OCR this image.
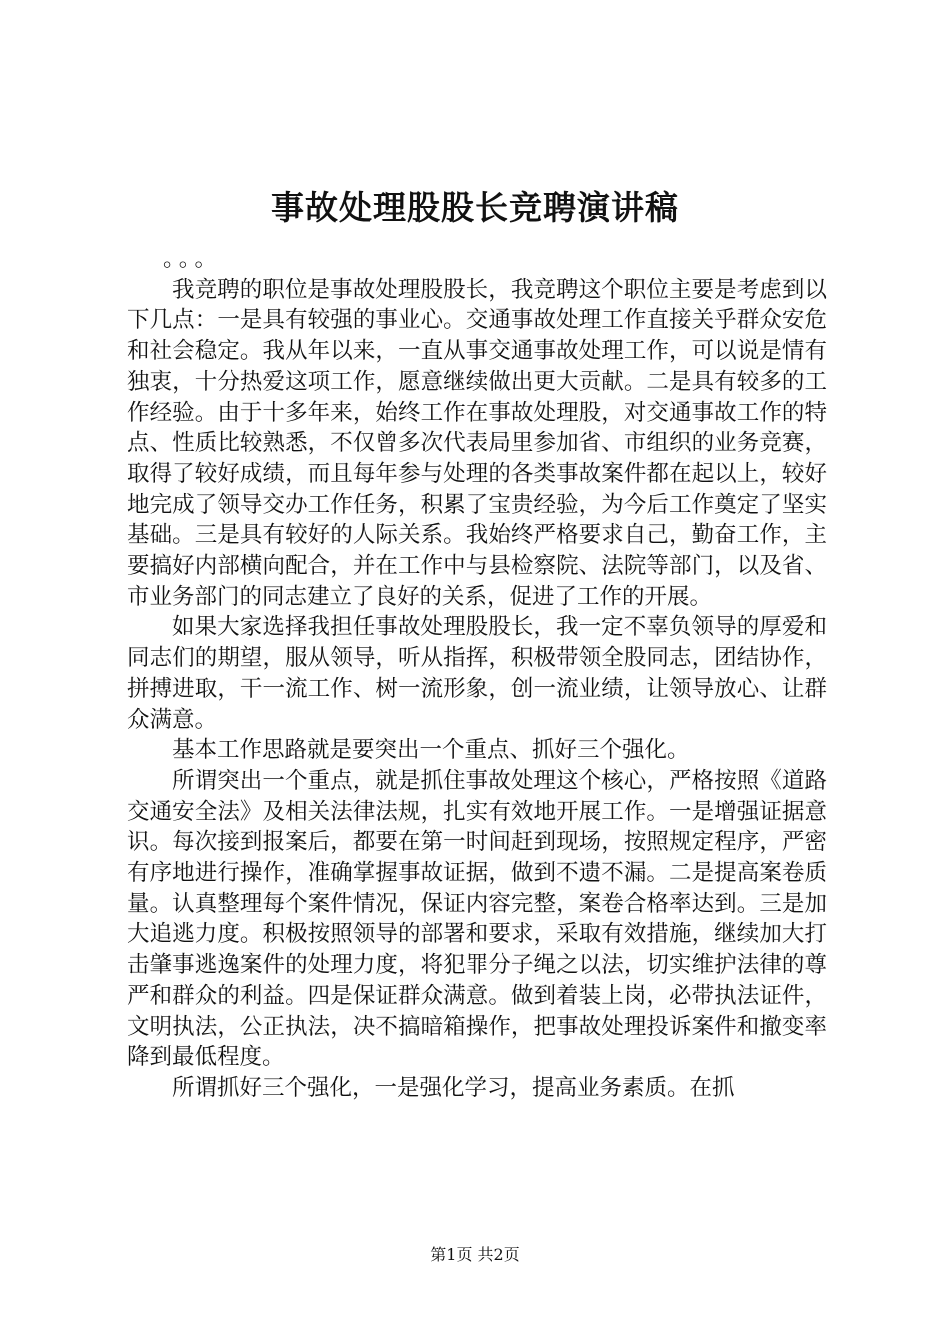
事故处理股股长竞聘演讲稿

。。。

我竞聘的职位是事故处理股股长，我竞聘这个职位主要是考虑到以下几点：一是具有较强的事业心。交通事故处理工作直接关乎群众安危和社会稳定。我从年以来，一直从事交通事故处理工作，可以说是情有独衷，十分热爱这项工作，愿意继续做出更大贡献。二是具有较多的工作经验。由于十多年来，始终工作在事故处理股，对交通事故工作的特点、性质比较熟悉，不仅曾多次代表局里参加省、市组织的业务竞赛，取得了较好成绩，而且每年参与处理的各类事故案件都在起以上，较好地完成了领导交办工作任务，积累了宝贵经验，为今后工作奠定了坚实基础。三是具有较好的人际关系。我始终严格要求自己，勤奋工作，主要搞好内部横向配合，并在工作中与县检察院、法院等部门，以及省、市业务部门的同志建立了良好的关系，促进了工作的开展。

如果大家选择我担任事故处理股股长，我一定不辜负领导的厚爱和同志们的期望，服从领导，听从指挥，积极带领全股同志，团结协作，拼搏进取，干一流工作、树一流形象，创一流业绩，让领导放心、让群众满意。

基本工作思路就是要突出一个重点、抓好三个强化。

所谓突出一个重点，就是抓住事故处理这个核心，严格按照《道路交通安全法》及相关法律法规，扎实有效地开展工作。一是增强证据意识。每次接到报案后，都要在第一时间赶到现场，按照规定程序，严密有序地进行操作，准确掌握事故证据，做到不遗不漏。二是提高案卷质量。认真整理每个案件情况，保证内容完整，案卷合格率达到。三是加大追逃力度。积极按照领导的部署和要求，采取有效措施，继续加大打击肇事逃逸案件的处理力度，将犯罪分子绳之以法，切实维护法律的尊严和群众的利益。四是保证群众满意。做到着装上岗，必带执法证件，文明执法，公正执法，决不搞暗箱操作，把事故处理投诉案件和撤变率降到最低程度。

所谓抓好三个强化，一是强化学习，提高业务素质。在抓

第1页 共2页
